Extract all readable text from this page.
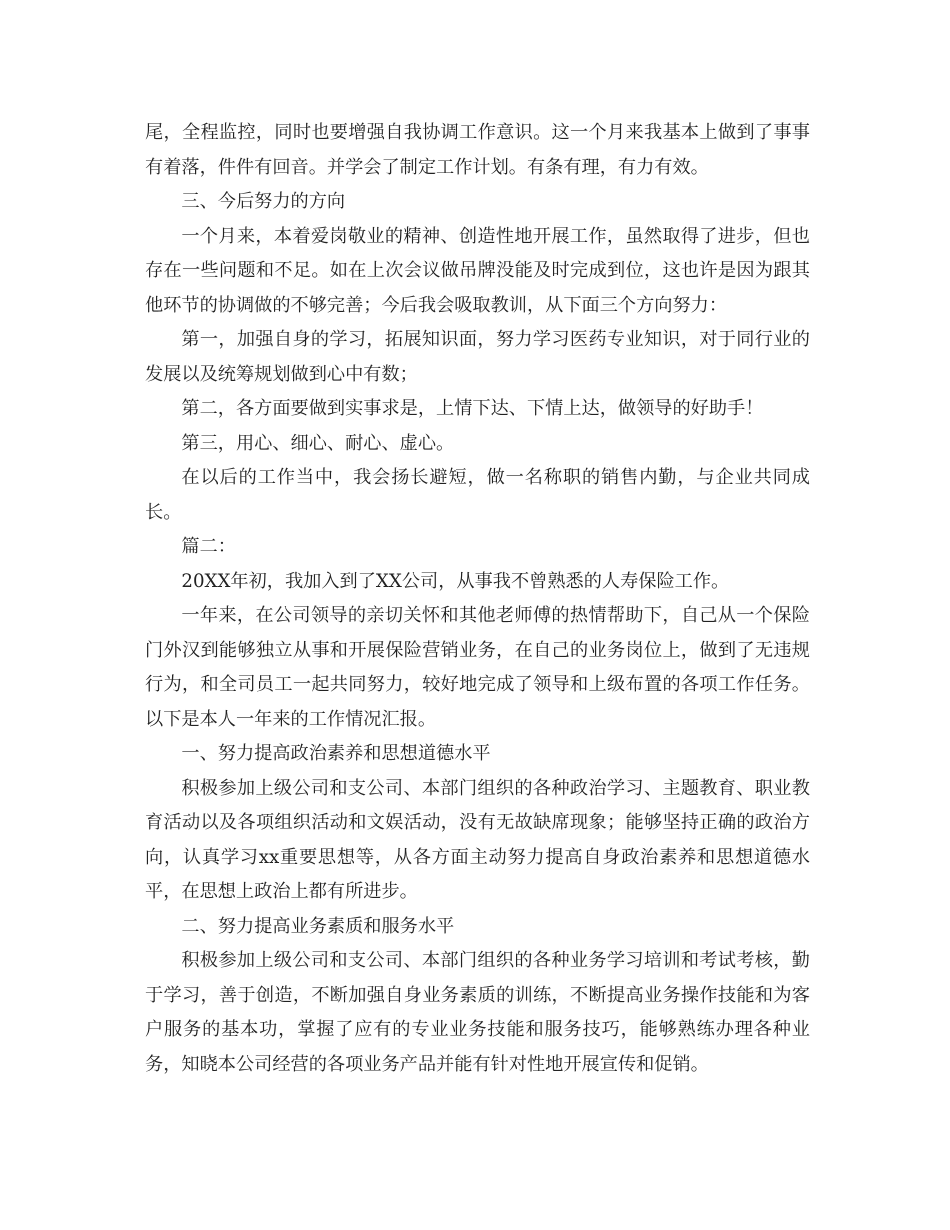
尾，全程监控，同时也要增强自我协调工作意识。这一个月来我基本上做到了事事有着落，件件有回音。并学会了制定工作计划。有条有理，有力有效。

三、今后努力的方向

一个月来，本着爱岗敬业的精神、创造性地开展工作，虽然取得了进步，但也存在一些问题和不足。如在上次会议做吊牌没能及时完成到位，这也许是因为跟其他环节的协调做的不够完善；今后我会吸取教训，从下面三个方向努力：

第一，加强自身的学习，拓展知识面，努力学习医药专业知识，对于同行业的发展以及统筹规划做到心中有数；

第二，各方面要做到实事求是，上情下达、下情上达，做领导的好助手！

第三，用心、细心、耐心、虚心。

在以后的工作当中，我会扬长避短，做一名称职的销售内勤，与企业共同成长。

篇二：

20XX年初，我加入到了XX公司，从事我不曾熟悉的人寿保险工作。

一年来，在公司领导的亲切关怀和其他老师傅的热情帮助下，自己从一个保险门外汉到能够独立从事和开展保险营销业务，在自己的业务岗位上，做到了无违规行为，和全司员工一起共同努力，较好地完成了领导和上级布置的各项工作任务。以下是本人一年来的工作情况汇报。

一、努力提高政治素养和思想道德水平

积极参加上级公司和支公司、本部门组织的各种政治学习、主题教育、职业教育活动以及各项组织活动和文娱活动，没有无故缺席现象；能够坚持正确的政治方向，认真学习xx重要思想等，从各方面主动努力提高自身政治素养和思想道德水平，在思想上政治上都有所进步。

二、努力提高业务素质和服务水平

积极参加上级公司和支公司、本部门组织的各种业务学习培训和考试考核，勤于学习，善于创造，不断加强自身业务素质的训练，不断提高业务操作技能和为客户服务的基本功，掌握了应有的专业业务技能和服务技巧，能够熟练办理各种业务，知晓本公司经营的各项业务产品并能有针对性地开展宣传和促销。
